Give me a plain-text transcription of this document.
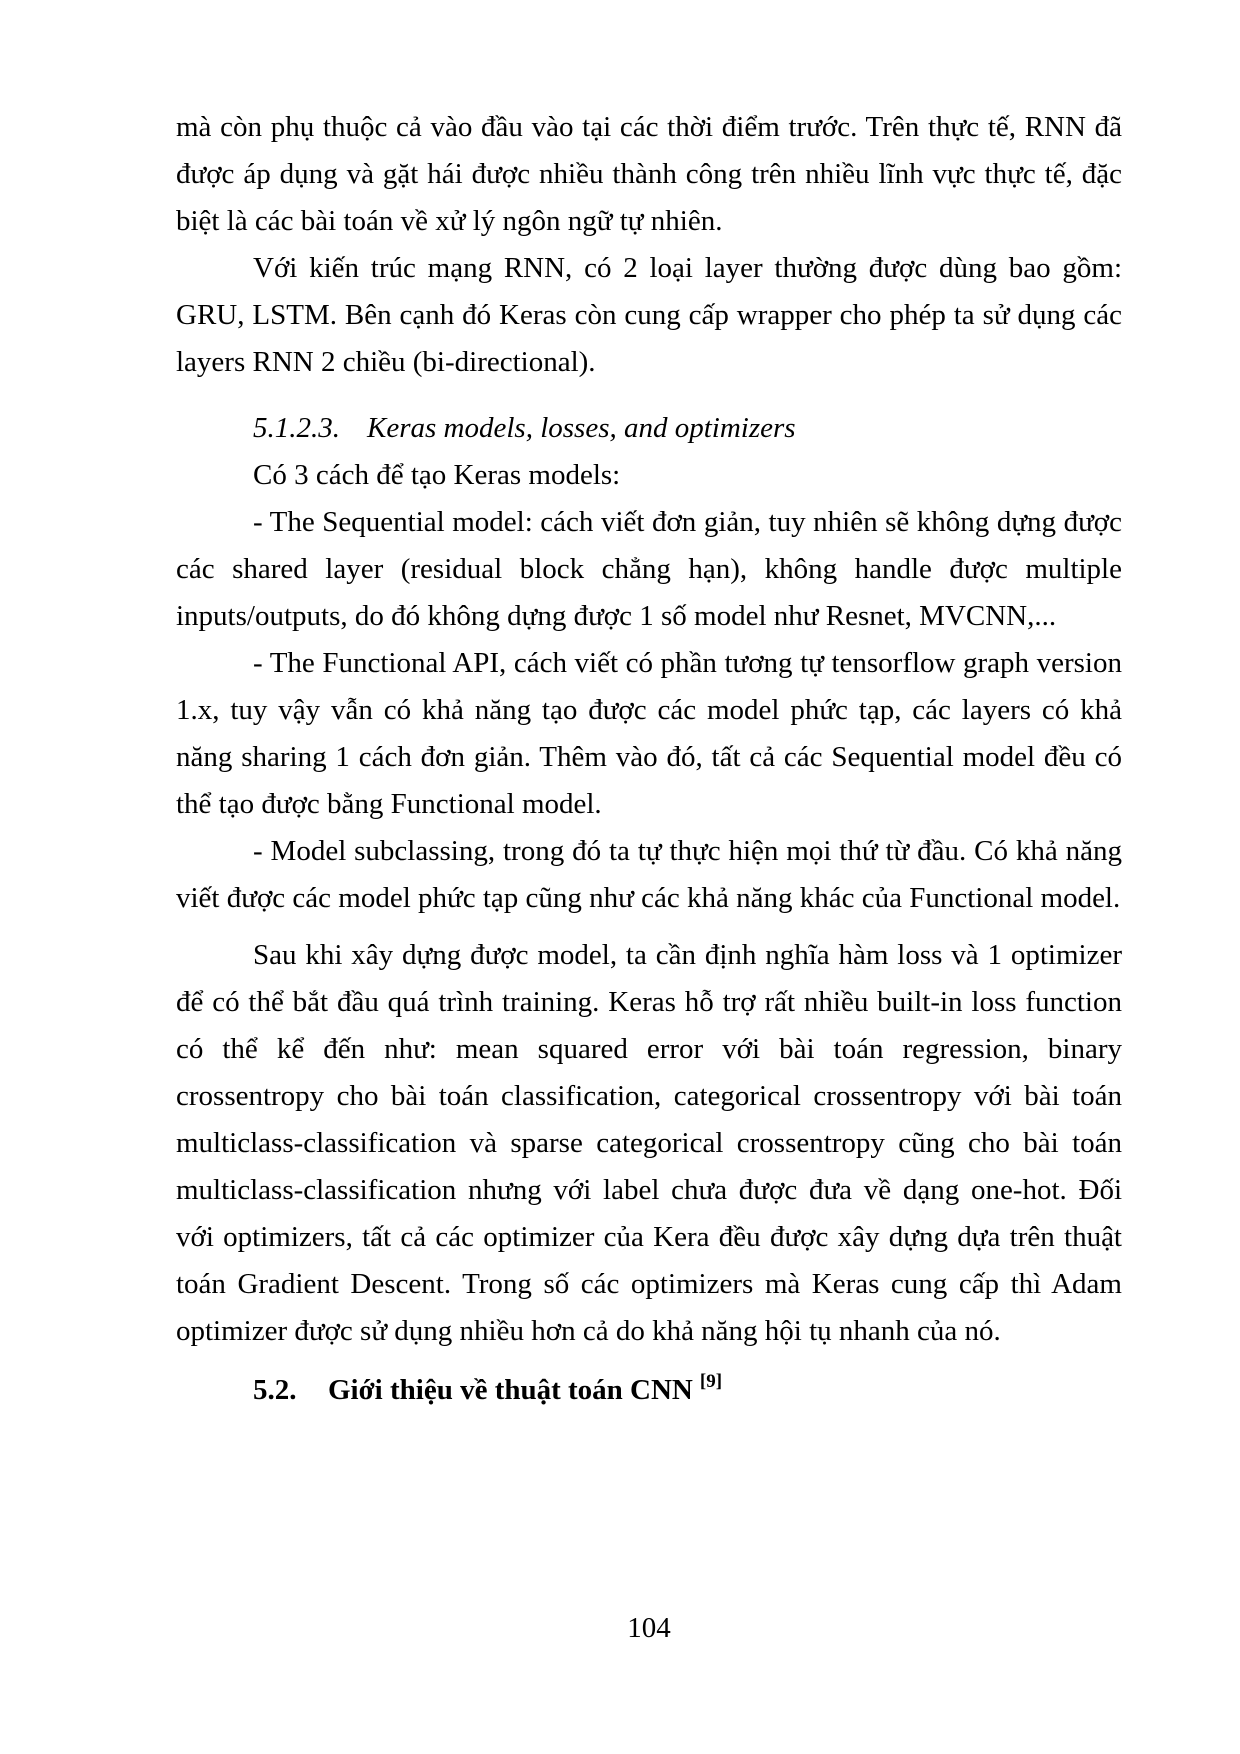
mà còn phụ thuộc cả vào đầu vào tại các thời điểm trước. Trên thực tế, RNN đã được áp dụng và gặt hái được nhiều thành công trên nhiều lĩnh vực thực tế, đặc biệt là các bài toán về xử lý ngôn ngữ tự nhiên.

Với kiến trúc mạng RNN, có 2 loại layer thường được dùng bao gồm: GRU, LSTM. Bên cạnh đó Keras còn cung cấp wrapper cho phép ta sử dụng các layers RNN 2 chiều (bi-directional).

5.1.2.3. Keras models, losses, and optimizers

Có 3 cách để tạo Keras models:

- The Sequential model: cách viết đơn giản, tuy nhiên sẽ không dựng được các shared layer (residual block chẳng hạn), không handle được multiple inputs/outputs, do đó không dựng được 1 số model như Resnet, MVCNN,...

- The Functional API, cách viết có phần tương tự tensorflow graph version 1.x, tuy vậy vẫn có khả năng tạo được các model phức tạp, các layers có khả năng sharing 1 cách đơn giản. Thêm vào đó, tất cả các Sequential model đều có thể tạo được bằng Functional model.

- Model subclassing, trong đó ta tự thực hiện mọi thứ từ đầu. Có khả năng viết được các model phức tạp cũng như các khả năng khác của Functional model.

Sau khi xây dựng được model, ta cần định nghĩa hàm loss và 1 optimizer để có thể bắt đầu quá trình training. Keras hỗ trợ rất nhiều built-in loss function có thể kể đến như: mean squared error với bài toán regression, binary crossentropy cho bài toán classification, categorical crossentropy với bài toán multiclass-classification và sparse categorical crossentropy cũng cho bài toán multiclass-classification nhưng với label chưa được đưa về dạng one-hot. Đối với optimizers, tất cả các optimizer của Kera đều được xây dựng dựa trên thuật toán Gradient Descent. Trong số các optimizers mà Keras cung cấp thì Adam optimizer được sử dụng nhiều hơn cả do khả năng hội tụ nhanh của nó.

5.2. Giới thiệu về thuật toán CNN [9]
104
